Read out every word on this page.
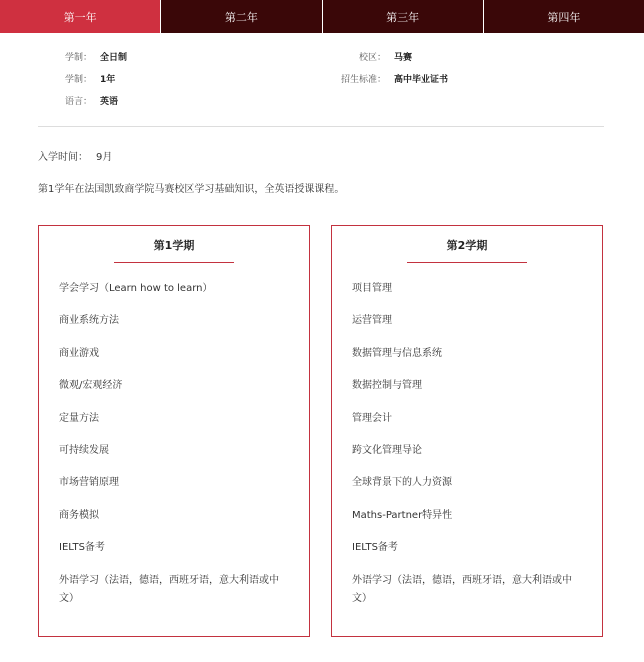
第一年	第二年	第三年	第四年
学制： 全日制
学制： 1年
语言： 英语
校区： 马赛
招生标准： 高中毕业证书
入学时间： 9月
第1学年在法国凯致商学院马赛校区学习基础知识，全英语授课课程。
第1学期
学会学习（Learn how to learn）
商业系统方法
商业游戏
微观/宏观经济
定量方法
可持续发展
市场营销原理
商务模拟
IELTS备考
外语学习（法语，德语，西班牙语，意大利语或中文）
第2学期
项目管理
运营管理
数据管理与信息系统
数据控制与管理
管理会计
跨文化管理导论
全球背景下的人力资源
Maths-Partner特异性
IELTS备考
外语学习（法语，德语，西班牙语，意大利语或中文）
